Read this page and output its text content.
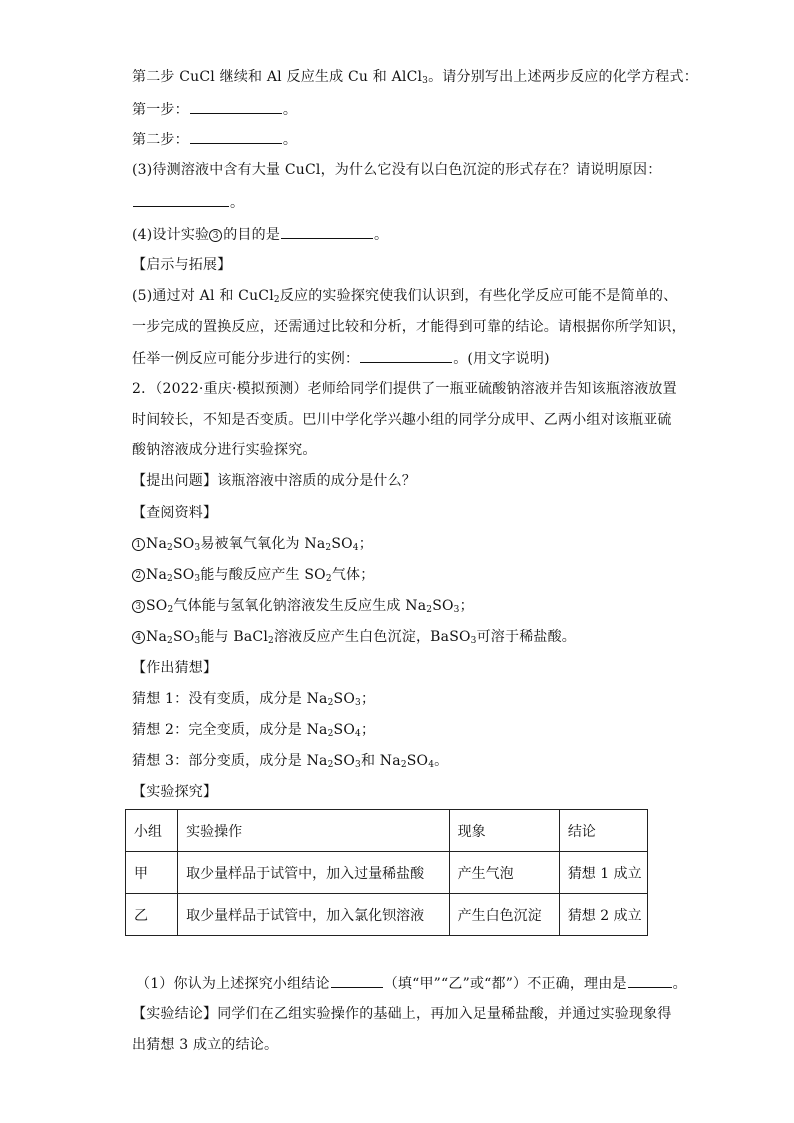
第二步 CuCl 继续和 Al 反应生成 Cu 和 AlCl$_3$。请分别写出上述两步反应的化学方程式：
第一步：	。
第二步：	。
(3)待测溶液中含有大量 CuCl，为什么它没有以白色沉淀的形式存在？请说明原因：
。
(4)设计实验 3 的目的是	。
【启示与拓展】
(5)通过对 Al 和 CuCl$_2$反应的实验探究使我们认识到，有些化学反应可能不是简单的、
一步完成的置换反应，还需通过比较和分析，才能得到可靠的结论。请根据你所学知识，
任举一例反应可能分步进行的实例：	。(用文字说明)
2．（2022·重庆·模拟预测）老师给同学们提供了一瓶亚硫酸钠溶液并告知该瓶溶液放置
时间较长，不知是否变质。巴川中学化学兴趣小组的同学分成甲、乙两小组对该瓶亚硫
酸钠溶液成分进行实验探究。
【提出问题】该瓶溶液中溶质的成分是什么？
【查阅资料】
1 $Na_2SO_3$易被氧气氧化为 $Na_2SO_4$；
2 $Na_2SO_3$能与酸反应产生 $SO_2$气体；
3 $SO_2$气体能与氢氧化钠溶液发生反应生成 $Na_2SO_3$；
4 $Na_2SO_3$能与 BaCl$_2$溶液反应产生白色沉淀，BaSO$_3$可溶于稀盐酸。
【作出猜想】
猜想 1：没有变质，成分是 $Na_2SO_3$；
猜想 2：完全变质，成分是 $Na_2SO_4$；
猜想 3：部分变质，成分是 $Na_2SO_3$和 $Na_2SO_4$。
【实验探究】
小组	实验操作	现象	结论
甲	取少量样品于试管中，加入过量稀盐酸	产生气泡	猜想 1 成立
乙	取少量样品于试管中，加入氯化钡溶液	产生白色沉淀	猜想 2 成立
（1）你认为上述探究小组结论	（填“甲”“乙”或“都”）不正确，理由是	。
【实验结论】同学们在乙组实验操作的基础上，再加入足量稀盐酸，并通过实验现象得
出猜想 3 成立的结论。
